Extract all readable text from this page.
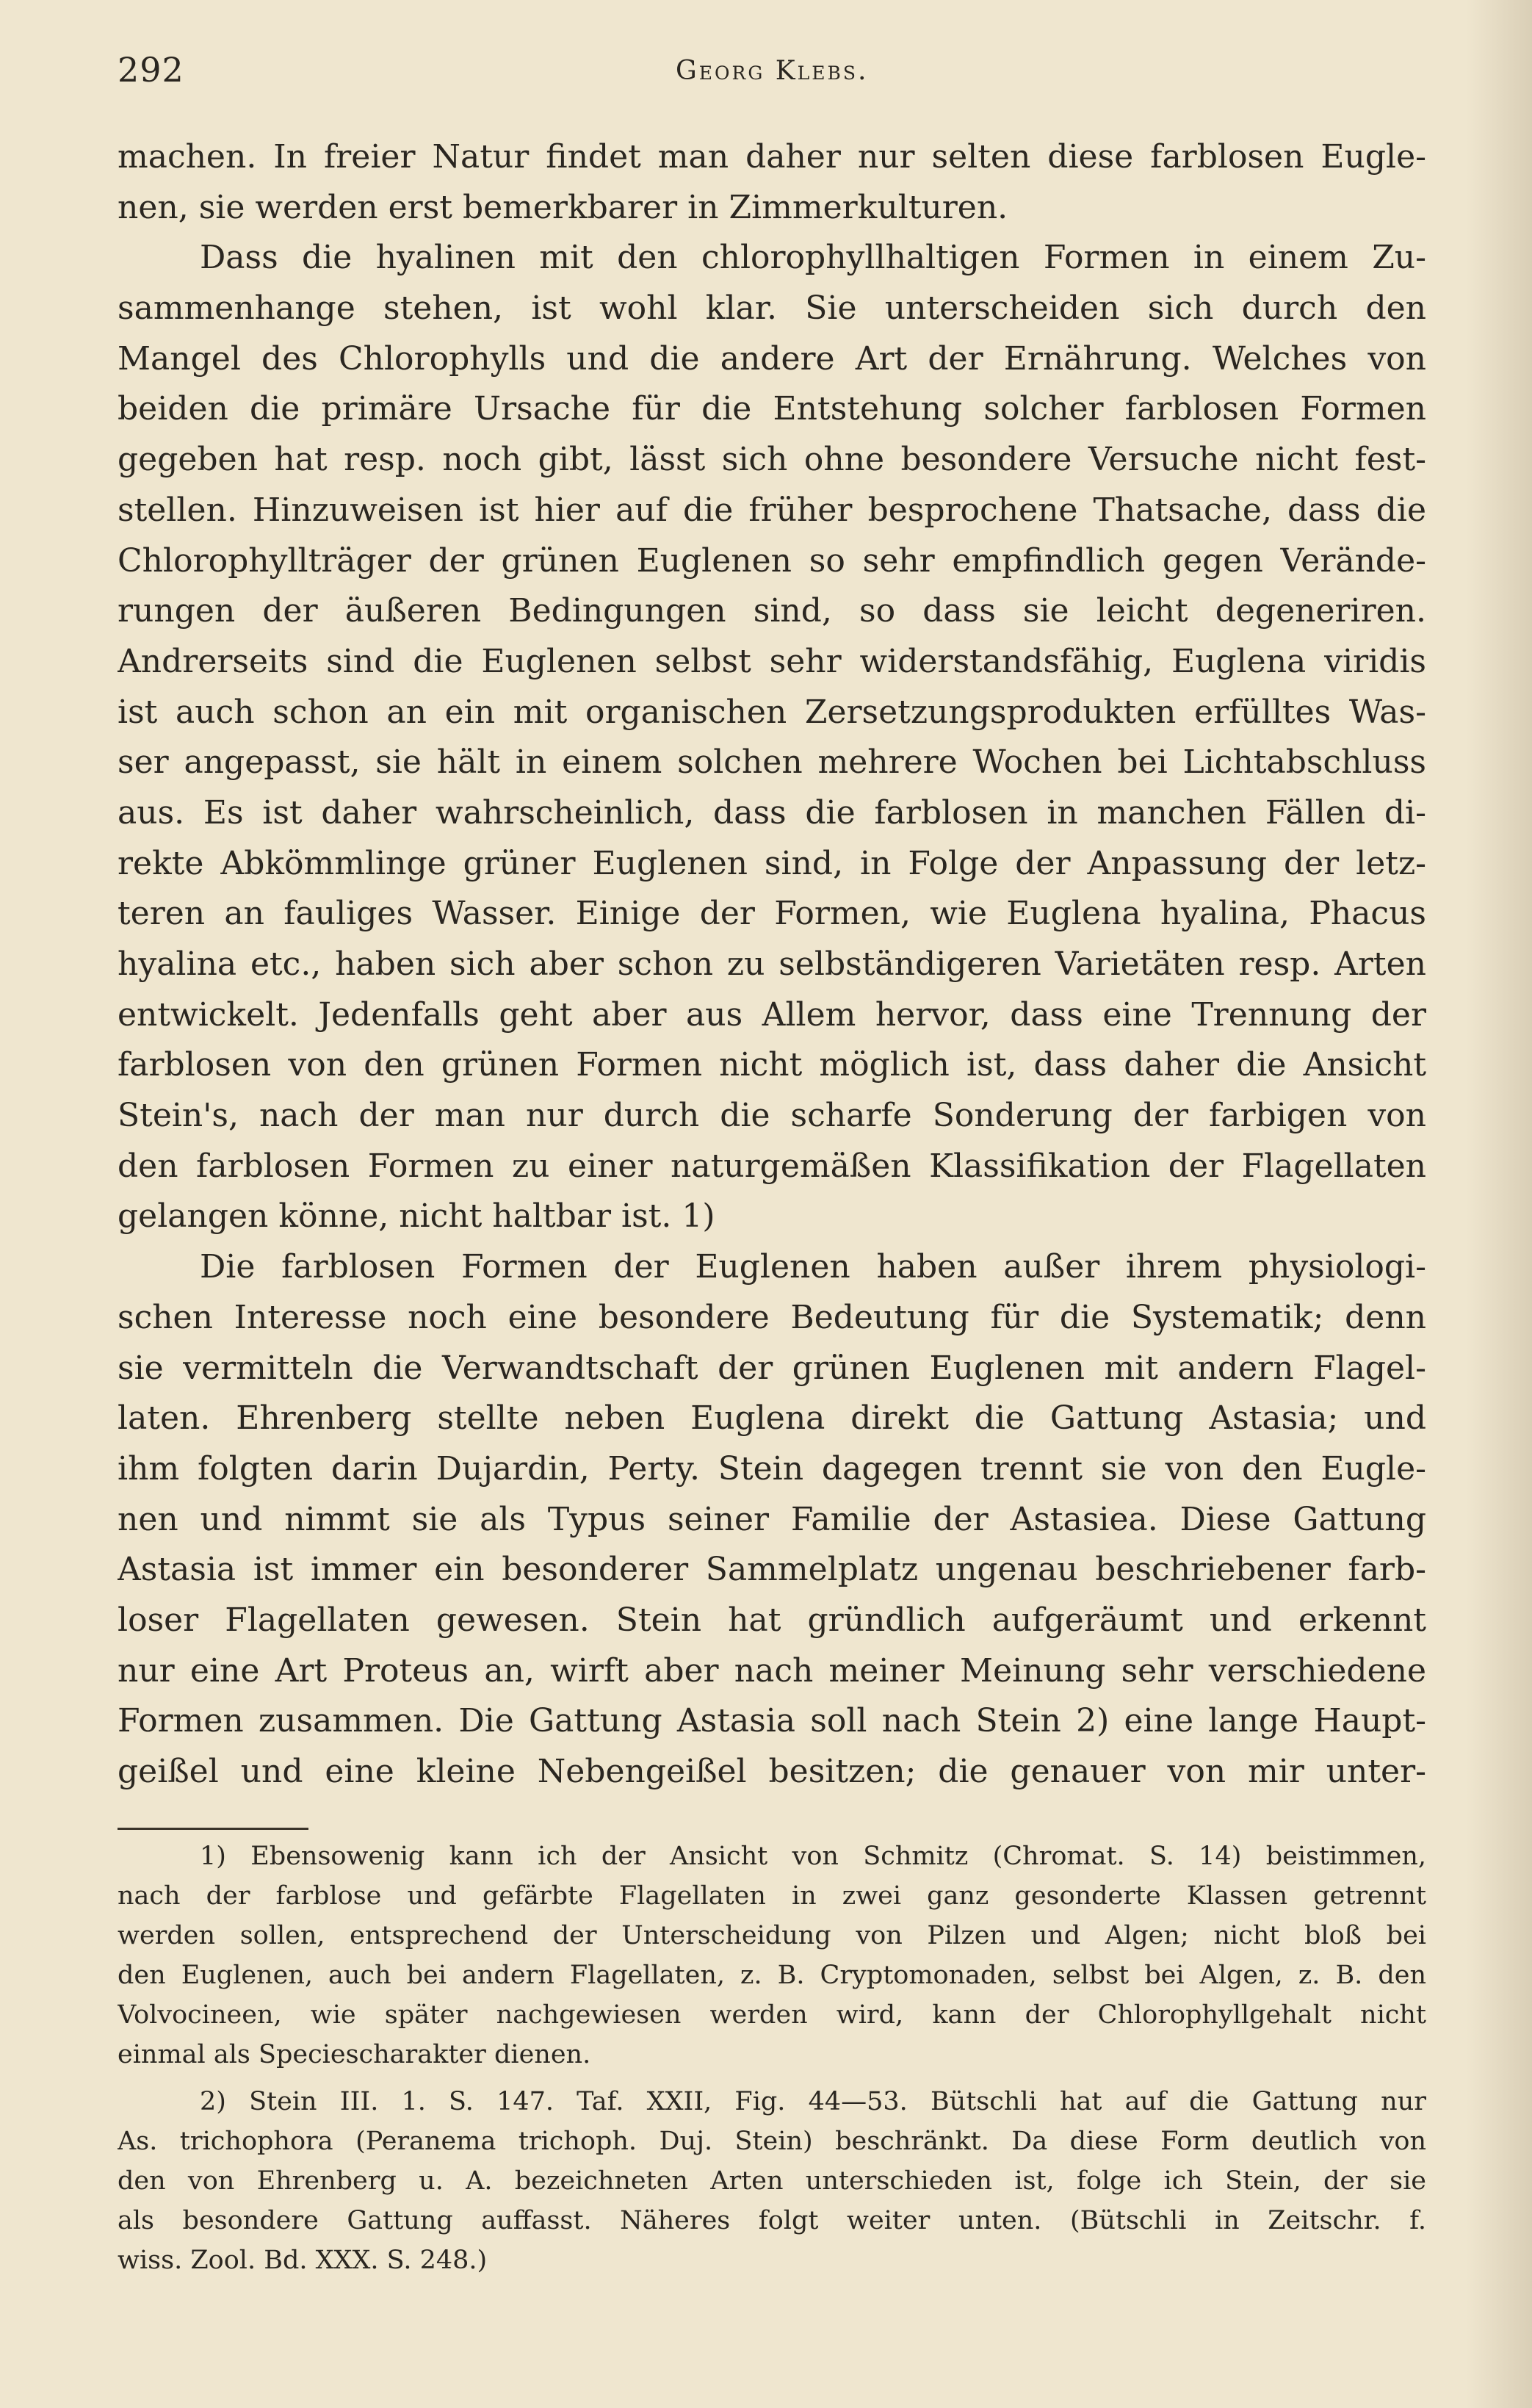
292	Georg Klebs.
machen. In freier Natur findet man daher nur selten diese farblosen Eugle-
nen, sie werden erst bemerkbarer in Zimmerkulturen.
Dass die hyalinen mit den chlorophyllhaltigen Formen in einem Zu-
sammenhange stehen, ist wohl klar. Sie unterscheiden sich durch den
Mangel des Chlorophylls und die andere Art der Ernährung. Welches von
beiden die primäre Ursache für die Entstehung solcher farblosen Formen
gegeben hat resp. noch gibt, lässt sich ohne besondere Versuche nicht fest-
stellen. Hinzuweisen ist hier auf die früher besprochene Thatsache, dass die
Chlorophyllträger der grünen Euglenen so sehr empfindlich gegen Verände-
rungen der äußeren Bedingungen sind, so dass sie leicht degeneriren.
Andrerseits sind die Euglenen selbst sehr widerstandsfähig, Euglena viridis
ist auch schon an ein mit organischen Zersetzungsprodukten erfülltes Was-
ser angepasst, sie hält in einem solchen mehrere Wochen bei Lichtabschluss
aus. Es ist daher wahrscheinlich, dass die farblosen in manchen Fällen di-
rekte Abkömmlinge grüner Euglenen sind, in Folge der Anpassung der letz-
teren an fauliges Wasser. Einige der Formen, wie Euglena hyalina, Phacus
hyalina etc., haben sich aber schon zu selbständigeren Varietäten resp. Arten
entwickelt. Jedenfalls geht aber aus Allem hervor, dass eine Trennung der
farblosen von den grünen Formen nicht möglich ist, dass daher die Ansicht
Stein's, nach der man nur durch die scharfe Sonderung der farbigen von
den farblosen Formen zu einer naturgemäßen Klassifikation der Flagellaten
gelangen könne, nicht haltbar ist. 1)
Die farblosen Formen der Euglenen haben außer ihrem physiologi-
schen Interesse noch eine besondere Bedeutung für die Systematik; denn
sie vermitteln die Verwandtschaft der grünen Euglenen mit andern Flagel-
laten. Ehrenberg stellte neben Euglena direkt die Gattung Astasia; und
ihm folgten darin Dujardin, Perty. Stein dagegen trennt sie von den Eugle-
nen und nimmt sie als Typus seiner Familie der Astasiea. Diese Gattung
Astasia ist immer ein besonderer Sammelplatz ungenau beschriebener farb-
loser Flagellaten gewesen. Stein hat gründlich aufgeräumt und erkennt
nur eine Art Proteus an, wirft aber nach meiner Meinung sehr verschiedene
Formen zusammen. Die Gattung Astasia soll nach Stein 2) eine lange Haupt-
geißel und eine kleine Nebengeißel besitzen; die genauer von mir unter-
1) Ebensowenig kann ich der Ansicht von Schmitz (Chromat. S. 14) beistimmen,
nach der farblose und gefärbte Flagellaten in zwei ganz gesonderte Klassen getrennt
werden sollen, entsprechend der Unterscheidung von Pilzen und Algen; nicht bloß bei
den Euglenen, auch bei andern Flagellaten, z. B. Cryptomonaden, selbst bei Algen, z. B. den
Volvocineen, wie später nachgewiesen werden wird, kann der Chlorophyllgehalt nicht
einmal als Speciescharakter dienen.
2) Stein III. 1. S. 147. Taf. XXII, Fig. 44—53. Bütschli hat auf die Gattung nur
As. trichophora (Peranema trichoph. Duj. Stein) beschränkt. Da diese Form deutlich von
den von Ehrenberg u. A. bezeichneten Arten unterschieden ist, folge ich Stein, der sie
als besondere Gattung auffasst. Näheres folgt weiter unten. (Bütschli in Zeitschr. f.
wiss. Zool. Bd. XXX. S. 248.)
